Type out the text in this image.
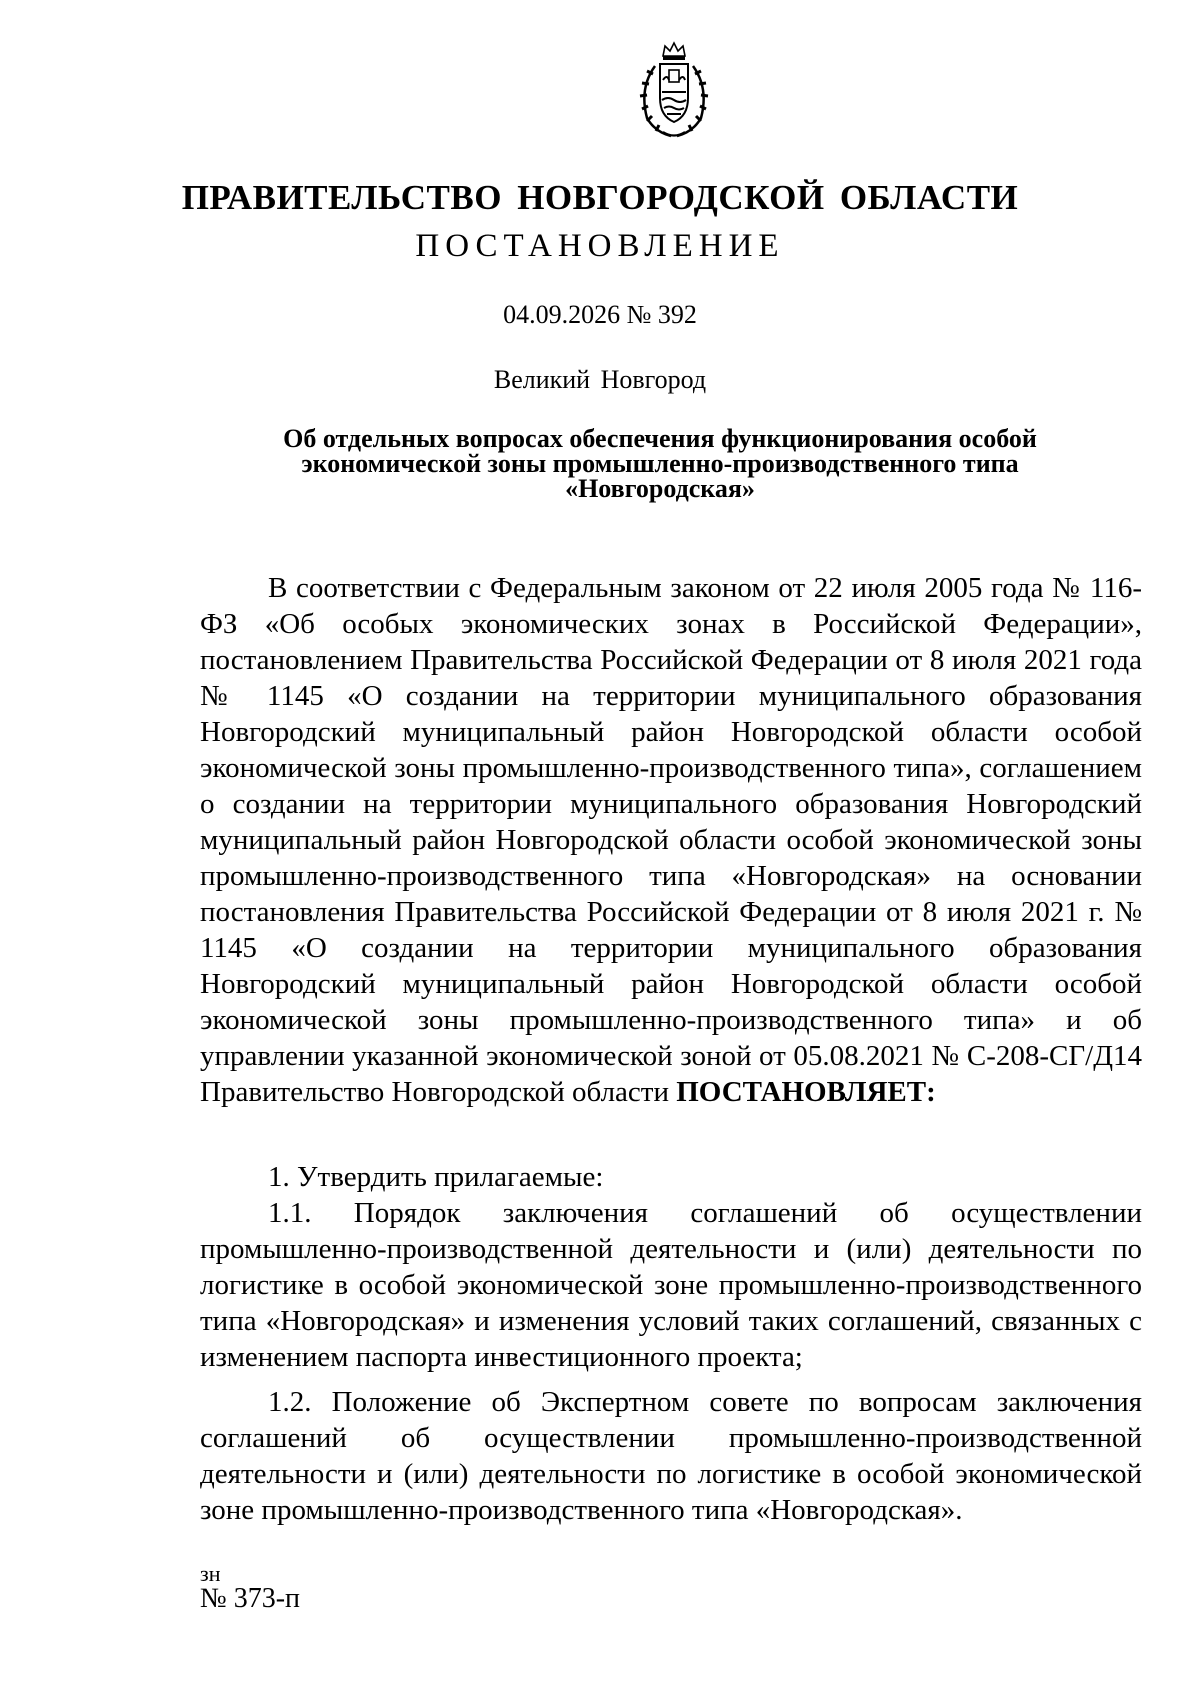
ПРАВИТЕЛЬСТВО НОВГОРОДСКОЙ ОБЛАСТИ
ПОСТАНОВЛЕНИЕ
04.09.2026 № 392
Великий Новгород
Об отдельных вопросах обеспечения функционирования особой экономической зоны промышленно-производственного типа «Новгородская»

В соответствии с Федеральным законом от 22 июля 2005 года № 116-ФЗ «Об особых экономических зонах в Российской Федерации», постановлением Правительства Российской Федерации от 8 июля 2021 года № 1145 «О создании на территории муниципального образования Новгородский муниципальный район Новгородской области особой экономической зоны промышленно-производственного типа», соглашением о создании на территории муниципального образования Новгородский муниципальный район Новгородской области особой экономической зоны промышленно-производственного типа «Новгородская» на основании постановления Правительства Российской Федерации от 8 июля 2021 г. № 1145 «О создании на территории муниципального образования Новгородский муниципальный район Новгородской области особой экономической зоны промышленно-производственного типа» и об управлении указанной экономической зоной от 05.08.2021 № С-208-СГ/Д14 Правительство Новгородской области ПОСТАНОВЛЯЕТ:

1. Утвердить прилагаемые:

1.1. Порядок заключения соглашений об осуществлении промышленно-производственной деятельности и (или) деятельности по логистике в особой экономической зоне промышленно-производственного типа «Новгородская» и изменения условий таких соглашений, связанных с изменением паспорта инвестиционного проекта;

1.2. Положение об Экспертном совете по вопросам заключения соглашений об осуществлении промышленно-производственной деятельности и (или) деятельности по логистике в особой экономической зоне промышленно-производственного типа «Новгородская».

зн
№ 373-п
